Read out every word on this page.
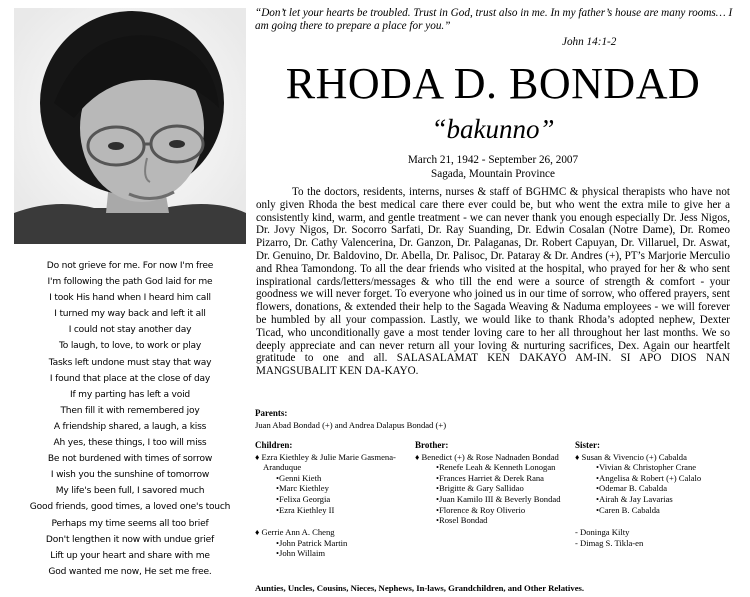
Do not grieve for me. For now I'm free
I'm following the path God laid for me
I took His hand when I heard him call
I turned my way back and left it all
I could not stay another day
To laugh, to love, to work or play
Tasks left undone must stay that way
I found that place at the close of day
If my parting has left a void
Then fill it with remembered joy
A friendship shared, a laugh, a kiss
Ah yes, these things, I too will miss
Be not burdened with times of sorrow
I wish you the sunshine of tomorrow
My life's been full, I savored much
Good friends, good times, a loved one's touch
Perhaps my time seems all too brief
Don't lengthen it now with undue grief
Lift up your heart and share with me
God wanted me now, He set me free.
“Don’t let your hearts be troubled. Trust in God, trust also in me. In my father’s house are many rooms… I am going there to prepare a place for you.”
John 14:1-2
RHODA D. BONDAD
“bakunno”
March 21, 1942 - September 26, 2007
Sagada, Mountain Province
To the doctors, residents, interns, nurses & staff of BGHMC & physical therapists who have not only given Rhoda the best medical care there ever could be, but who went the extra mile to give her a consistently kind, warm, and gentle treatment - we can never thank you enough especially Dr. Jess Nigos, Dr. Jovy Nigos, Dr. Socorro Sarfati, Dr. Ray Suanding, Dr. Edwin Cosalan (Notre Dame), Dr. Romeo Pizarro, Dr. Cathy Valencerina, Dr. Ganzon, Dr. Palaganas, Dr. Robert Capuyan, Dr. Villaruel, Dr. Aswat, Dr. Genuino, Dr. Baldovino, Dr. Abella, Dr. Palisoc, Dr. Pataray & Dr. Andres (+), PT’s Marjorie Merculio and Rhea Tamondong. To all the dear friends who visited at the hospital, who prayed for her & who sent inspirational cards/letters/messages & who till the end were a source of strength & comfort - your goodness we will never forget. To everyone who joined us in our time of sorrow, who offered prayers, sent flowers, donations, & extended their help to the Sagada Weaving & Naduma employees - we will forever be humbled by all your compassion. Lastly, we would like to thank Rhoda’s adopted nephew, Dexter Ticad, who unconditionally gave a most tender loving care to her all throughout her last months. We so deeply appreciate and can never return all your loving & nurturing sacrifices, Dex. Again our heartfelt gratitude to one and all. SALASALAMAT KEN DAKAYO AM-IN. SI APO DIOS NAN MANGSUBALIT KEN DA-KAYO.
Parents:
Juan Abad Bondad (+) and Andrea Dalapus Bondad (+)
Children:
♦ Ezra Kiethley & Julie Marie Gasmena-Aranduque
•Genni Kieth
•Marc Kiethley
•Felixa Georgia
•Ezra Kiethley II
♦ Gerrie Ann A. Cheng
•John Patrick Martin
•John Willaim
Brother:
♦ Benedict (+) & Rose Nadnaden Bondad
•Renefe Leah & Kenneth Lonogan
•Frances Harriet & Derek Rana
•Brigitte & Gary Sallidao
•Juan Kamilo III & Beverly Bondad
•Florence & Roy Oliverio
•Rosel Bondad
Sister:
♦ Susan & Vivencio (+) Cabalda
•Vivian & Christopher Crane
•Angelisa & Robert (+) Calalo
•Odemar B. Cabalda
•Airah & Jay Lavarias
•Caren B. Cabalda
- Doninga Kilty
- Dimag S. Tikla-en
Aunties, Uncles, Cousins, Nieces, Nephews, In-laws, Grandchildren, and Other Relatives.
